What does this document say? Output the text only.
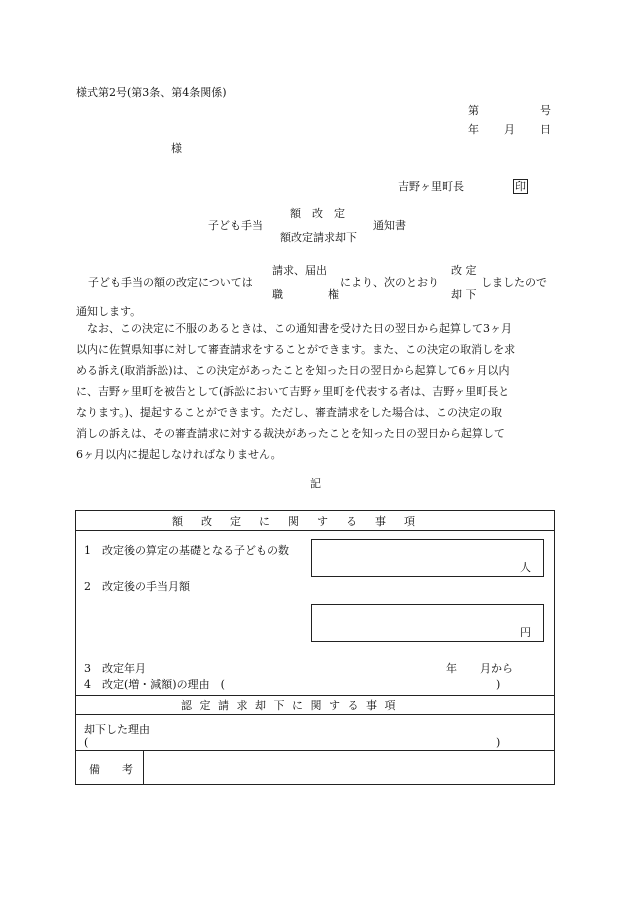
様式第2号(第3条、第4条関係)
第	号
年 月 日
様
吉野ヶ里町長	印
額　改　定
子ども手当	通知書
額改定請求却下
請求、届出	改 定
子ども手当の額の改定については	により、次のとおり	しましたので
職	権	却 下
通知します。

　なお、この決定に不服のあるときは、この通知書を受けた日の翌日から起算して3ヶ月

以内に佐賀県知事に対して審査請求をすることができます。また、この決定の取消しを求

める訴え(取消訴訟)は、この決定があったことを知った日の翌日から起算して6ヶ月以内

に、吉野ヶ里町を被告として(訴訟において吉野ヶ里町を代表する者は、吉野ヶ里町長と

なります。)、提起することができます。ただし、審査請求をした場合は、この決定の取

消しの訴えは、その審査請求に対する裁決があったことを知った日の翌日から起算して

6ヶ月以内に提起しなければなりません。

記
額改定に関する事項
1　改定後の算定の基礎となる子どもの数
人
2　改定後の手当月額
円
3　改定年月	年 月から
4　改定(増・減額)の理由　(	)
認定請求却下に関する事項
却下した理由
(	)
備　　考
